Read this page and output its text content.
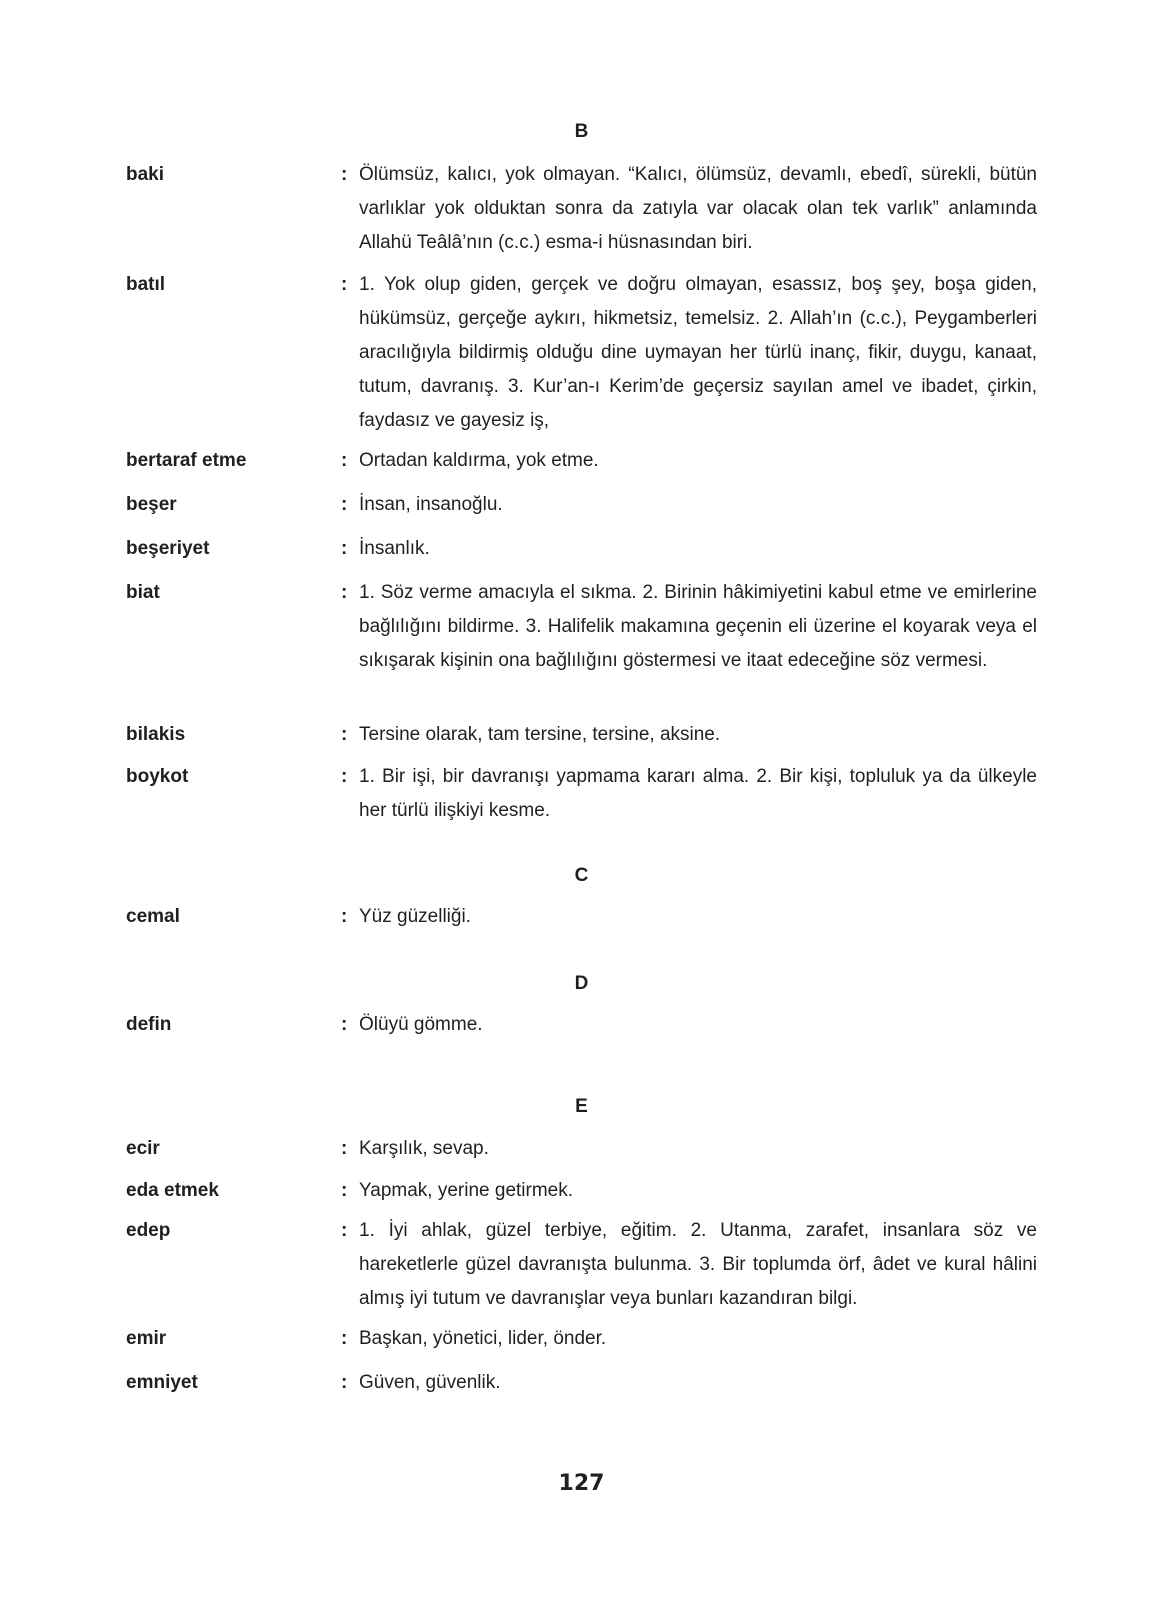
B
baki	: Ölümsüz, kalıcı, yok olmayan. “Kalıcı, ölümsüz, devamlı, ebedî, sürekli, bütün varlıklar yok olduktan sonra da zatıyla var olacak olan tek varlık” anlamında Allahü Teâlâ’nın (c.c.) esma-i hüsnasından biri.
batıl	: 1. Yok olup giden, gerçek ve doğru olmayan, esassız, boş şey, boşa giden, hükümsüz, gerçeğe aykırı, hikmetsiz, temelsiz. 2. Allah’ın (c.c.), Peygamberleri aracılığıyla bildirmiş olduğu dine uymayan her türlü inanç, fikir, duygu, kanaat, tutum, davranış. 3. Kur’an-ı Kerim’de geçersiz sayılan amel ve ibadet, çirkin, faydasız ve gayesiz iş,
bertaraf etme	: Ortadan kaldırma, yok etme.
beşer	: İnsan, insanoğlu.
beşeriyet	: İnsanlık.
biat	: 1. Söz verme amacıyla el sıkma. 2. Birinin hâkimiyetini kabul etme ve emirlerine bağlılığını bildirme. 3. Halifelik makamına geçenin eli üzerine el koyarak veya el sıkışarak kişinin ona bağlılığını göstermesi ve itaat edeceğine söz vermesi.
bilakis	: Tersine olarak, tam tersine, tersine, aksine.
boykot	: 1. Bir işi, bir davranışı yapmama kararı alma. 2. Bir kişi, topluluk ya da ülkeyle her türlü ilişkiyi kesme.
C
cemal	: Yüz güzelliği.
D
defin	: Ölüyü gömme.
E
ecir	: Karşılık, sevap.
eda etmek	: Yapmak, yerine getirmek.
edep	: 1. İyi ahlak, güzel terbiye, eğitim. 2. Utanma, zarafet, insanlara söz ve hareketlerle güzel davranışta bulunma. 3. Bir toplumda örf, âdet ve kural hâlini almış iyi tutum ve davranışlar veya bunları kazandıran bilgi.
emir	: Başkan, yönetici, lider, önder.
emniyet	: Güven, güvenlik.
127
